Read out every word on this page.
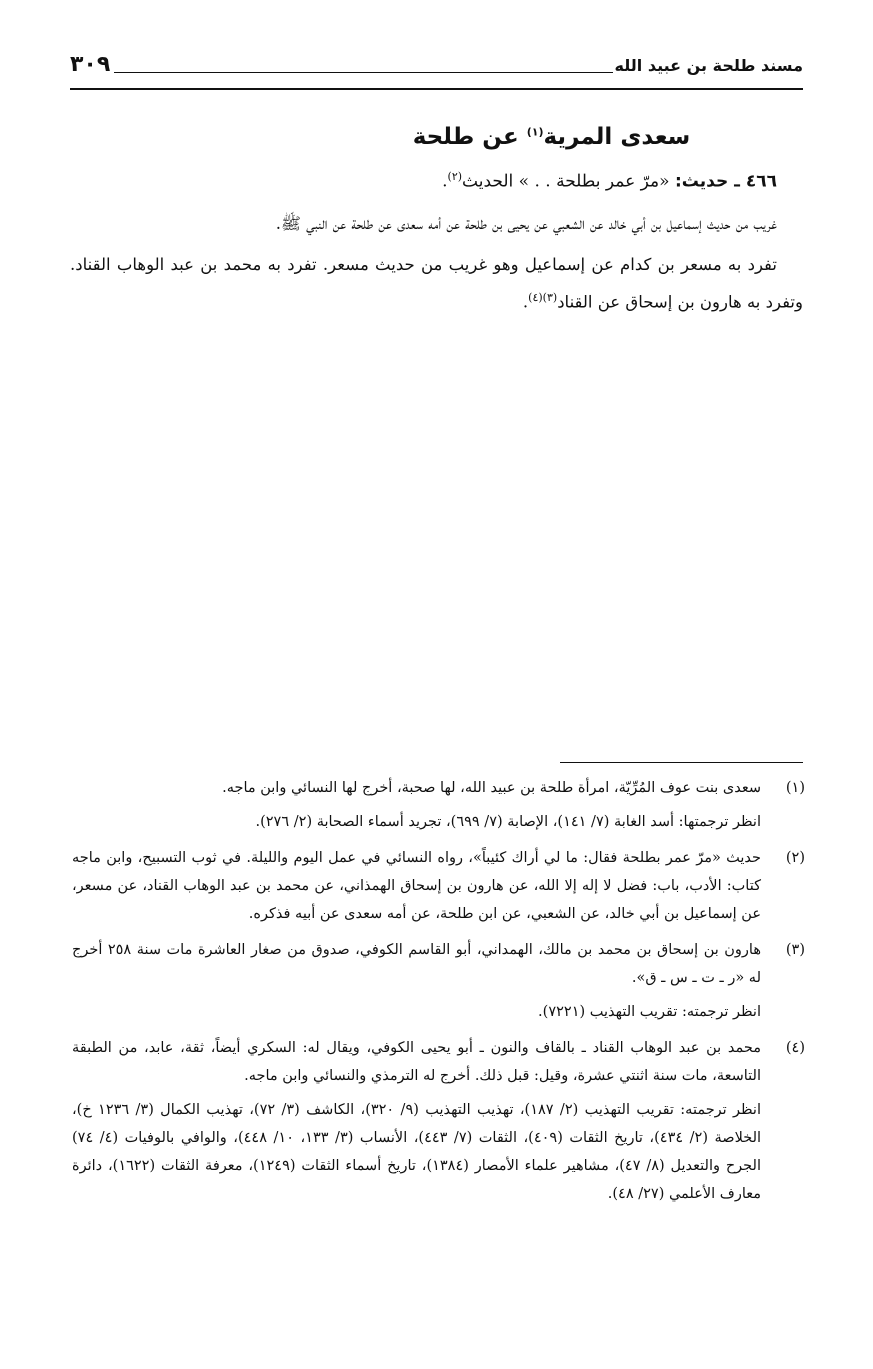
مسند طلحة بن عبيد الله
٣٠٩
سعدى المرية$^{(١)}$ عن طلحة
٤٦٦ ـ حديث: «مرّ عمر بطلحة . . » الحديث$^{(٢)}$.

غريب من حديث إسماعيل بن أبي خالد عن الشعبي عن يحيى بن طلحة عن أمه سعدى عن طلحة عن النبي ﷺ.

تفرد به مسعر بن كدام عن إسماعيل وهو غريب من حديث مسعر. تفرد به محمد بن عبد الوهاب القناد. وتفرد به هارون بن إسحاق عن القناد$^{(٣)(٤)}$.

(١)

سعدى بنت عوف المُرِّيّة، امرأة طلحة بن عبيد الله، لها صحبة، أخرج لها النسائي وابن ماجه.

انظر ترجمتها: أسد الغابة (٧/ ١٤١)، الإصابة (٧/ ٦٩٩)، تجريد أسماء الصحابة (٢/ ٢٧٦).

(٢)

حديث «مرّ عمر بطلحة فقال: ما لي أراك كئيباً»، رواه النسائي في عمل اليوم والليلة. في ثوب التسبيح، وابن ماجه كتاب: الأدب، باب: فضل لا إله إلا الله، عن هارون بن إسحاق الهمذاني، عن محمد بن عبد الوهاب القناد، عن مسعر، عن إسماعيل بن أبي خالد، عن الشعبي، عن ابن طلحة، عن أمه سعدى عن أبيه فذكره.

(٣)

هارون بن إسحاق بن محمد بن مالك، الهمداني، أبو القاسم الكوفي، صدوق من صغار العاشرة مات سنة ٢٥٨ أخرج له «ر ـ ت ـ س ـ ق».

انظر ترجمته: تقريب التهذيب (٧٢٢١).

(٤)

محمد بن عبد الوهاب القناد ـ بالقاف والنون ـ أبو يحيى الكوفي، ويقال له: السكري أيضاً، ثقة، عابد، من الطبقة التاسعة، مات سنة اثنتي عشرة، وقيل: قبل ذلك. أخرج له الترمذي والنسائي وابن ماجه.

انظر ترجمته: تقريب التهذيب (٢/ ١٨٧)، تهذيب التهذيب (٩/ ٣٢٠)، الكاشف (٣/ ٧٢)، تهذيب الكمال (٣/ ١٢٣٦ خ)، الخلاصة (٢/ ٤٣٤)، تاريخ الثقات (٤٠٩)، الثقات (٧/ ٤٤٣)، الأنساب (٣/ ١٣٣، ١٠/ ٤٤٨)، والوافي بالوفيات (٤/ ٧٤) الجرح والتعديل (٨/ ٤٧)، مشاهير علماء الأمصار (١٣٨٤)، تاريخ أسماء الثقات (١٢٤٩)، معرفة الثقات (١٦٢٢)، دائرة معارف الأعلمي (٢٧/ ٤٨).
